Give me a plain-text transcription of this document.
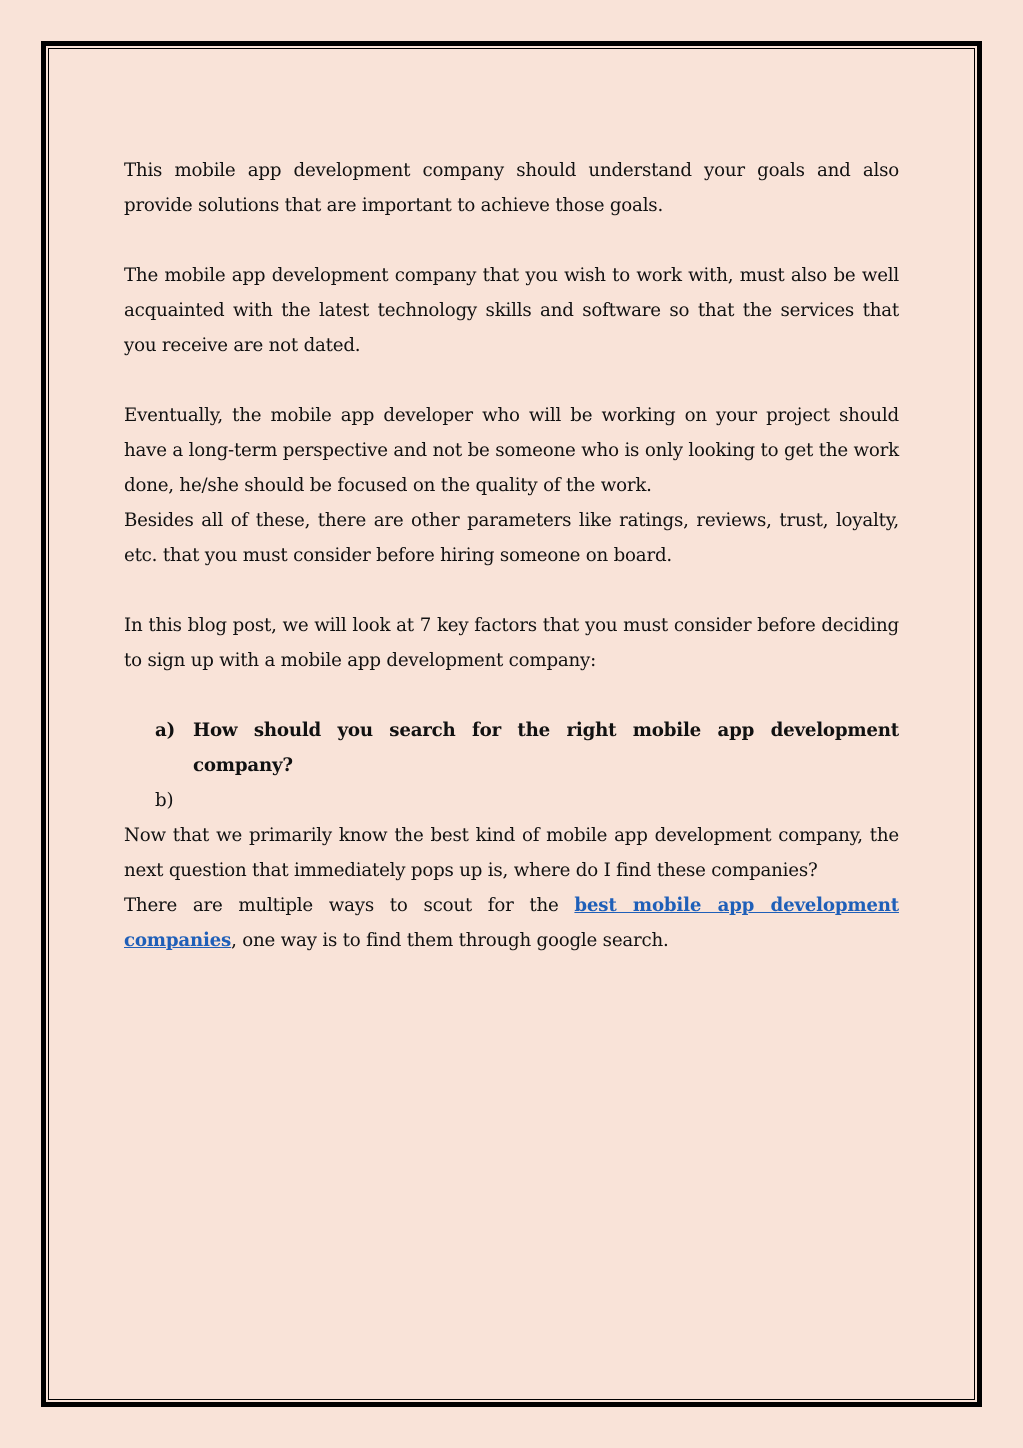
This mobile app development company should understand your goals and also provide solutions that are important to achieve those goals.

The mobile app development company that you wish to work with, must also be well acquainted with the latest technology skills and software so that the services that you receive are not dated.

Eventually, the mobile app developer who will be working on your project should have a long-term perspective and not be someone who is only looking to get the work done, he/she should be focused on the quality of the work.

Besides all of these, there are other parameters like ratings, reviews, trust, loyalty, etc. that you must consider before hiring someone on board.

In this blog post, we will look at 7 key factors that you must consider before deciding to sign up with a mobile app development company:

a) How should you search for the right mobile app development company?
b)

Now that we primarily know the best kind of mobile app development company, the next question that immediately pops up is, where do I find these companies?

There are multiple ways to scout for the best mobile app development companies, one way is to find them through google search.
